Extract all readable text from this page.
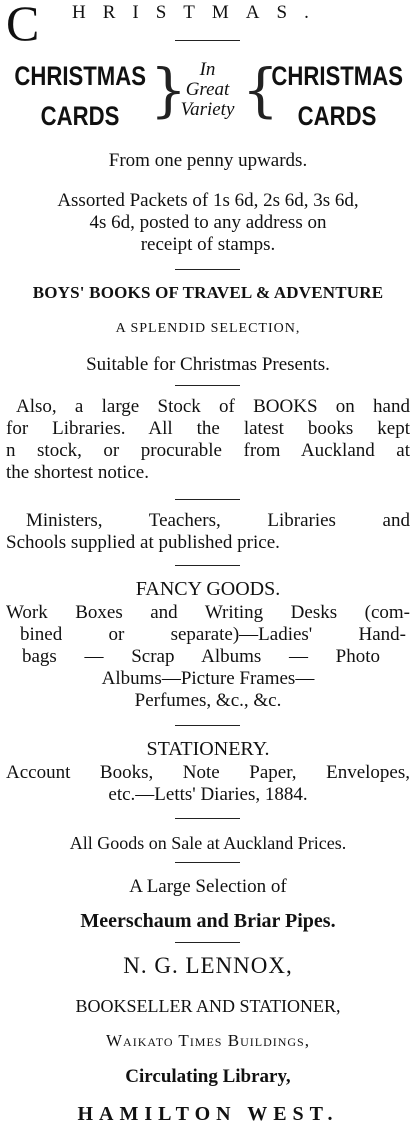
C HRISTMAS.
CHRISTMAS
CARDS } In
Great
Variety {
CHRISTMAS
CARDS
From one penny upwards.
Assorted Packets of 1s 6d, 2s 6d, 3s 6d,
4s 6d, posted to any address on
receipt of stamps.
BOYS' BOOKS OF TRAVEL & ADVENTURE
A SPLENDID SELECTION,
Suitable for Christmas Presents.
Also, a large Stock of BOOKS on hand
for Libraries. All the latest books kept
n stock, or procurable from Auckland at
the shortest notice.
Ministers, Teachers, Libraries and
Schools supplied at published price.
FANCY GOODS.
Work Boxes and Writing Desks (com-
bined or separate)—Ladies' Hand-
bags — Scrap Albums — Photo
Albums—Picture Frames—
Perfumes, &c., &c.
STATIONERY.
Account Books, Note Paper, Envelopes,
etc.—Letts' Diaries, 1884.
All Goods on Sale at Auckland Prices.
A Large Selection of
Meerschaum and Briar Pipes.
N. G. LENNOX,
BOOKSELLER AND STATIONER,
Waikato Times Buildings,
Circulating Library,
HAMILTON WEST.
